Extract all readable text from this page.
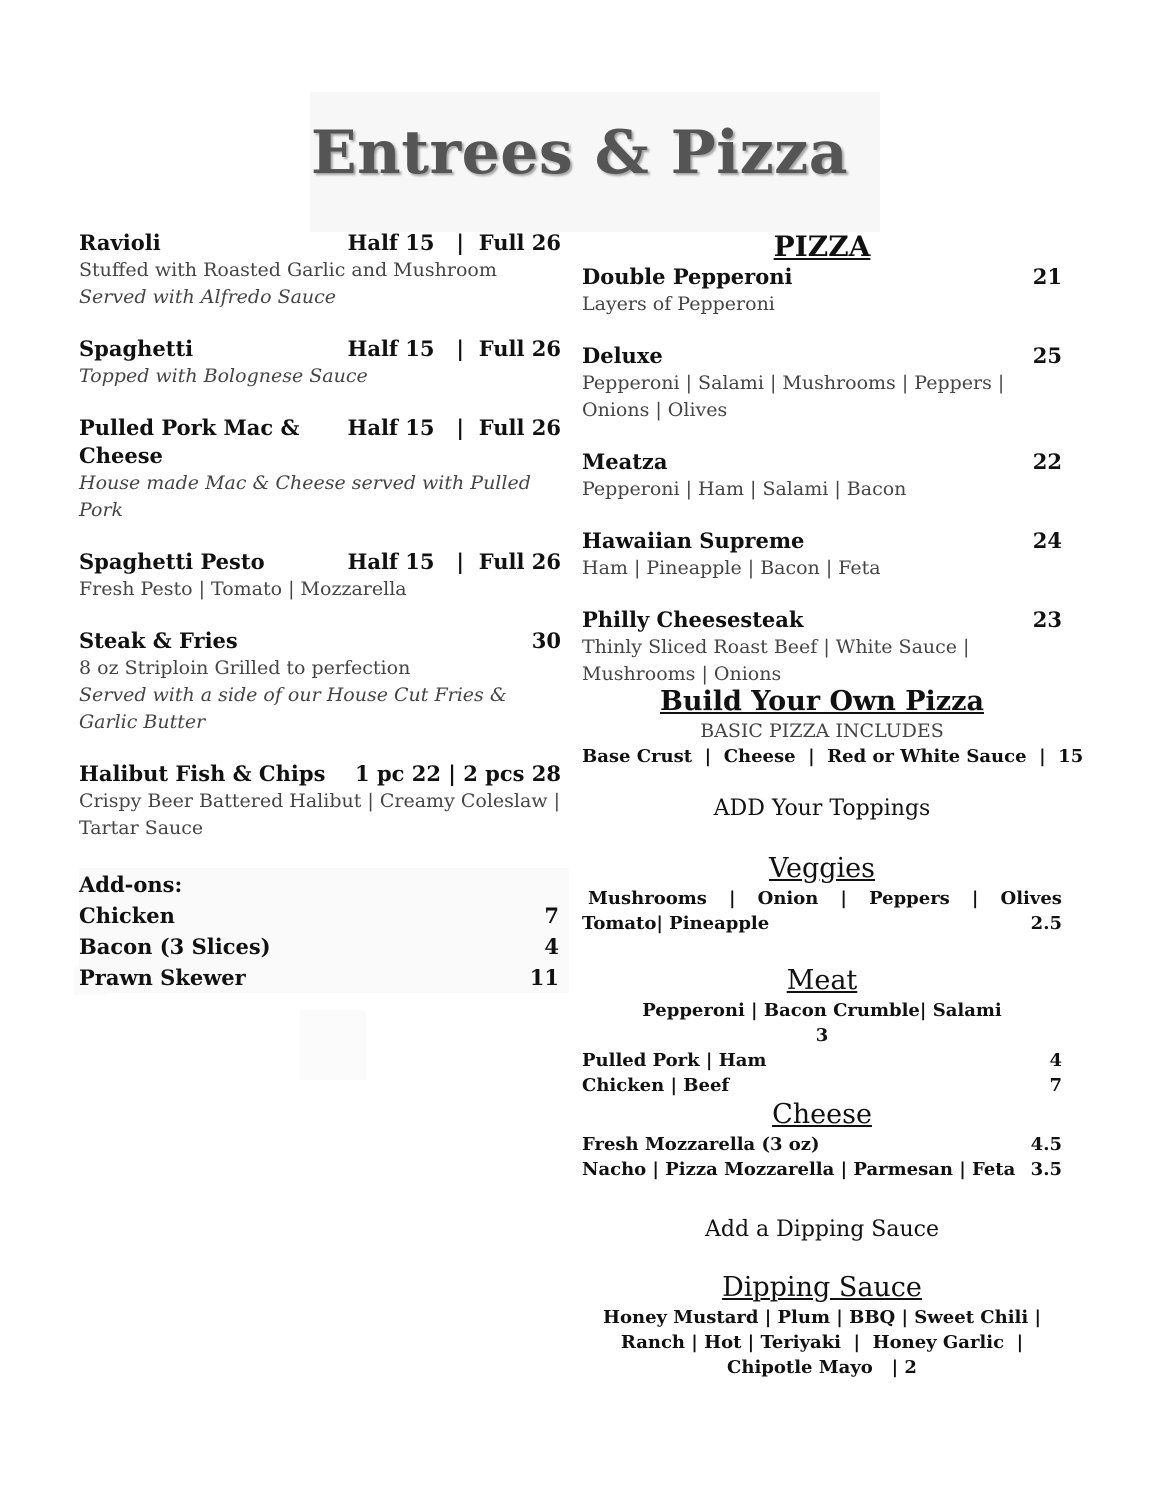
Entrees & Pizza
Ravioli	Half 15   |  Full 26
Stuffed with Roasted Garlic and Mushroom
Served with Alfredo Sauce
Spaghetti	Half 15   |  Full 26
Topped with Bolognese Sauce
Pulled Pork Mac & Cheese
Half 15   |  Full 26
House made Mac & Cheese served with Pulled Pork
Spaghetti Pesto	Half 15   |  Full 26
Fresh Pesto | Tomato | Mozzarella
Steak & Fries	30
8 oz Striploin Grilled to perfection
Served with a side of our House Cut Fries & Garlic Butter
Halibut Fish & Chips 1 pc 22 | 2 pcs 28
Crispy Beer Battered Halibut | Creamy Coleslaw | Tartar Sauce
Add-ons:
Chicken	7
Bacon (3 Slices)	4
Prawn Skewer	11
PIZZA
Double Pepperoni	21
Layers of Pepperoni
Deluxe	25
Pepperoni | Salami | Mushrooms | Peppers | Onions | Olives
Meatza	22
Pepperoni | Ham | Salami | Bacon
Hawaiian Supreme	24
Ham | Pineapple | Bacon | Feta
Philly Cheesesteak	23
Thinly Sliced Roast Beef | White Sauce | Mushrooms | Onions
Build Your Own Pizza
BASIC PIZZA INCLUDES
Base Crust  |  Cheese  |  Red or White Sauce  |  15
ADD Your Toppings
Veggies
Mushrooms | Onion | Peppers | Olives
Tomato| Pineapple	2.5
Meat
Pepperoni | Bacon Crumble| Salami
3
Pulled Pork | Ham	4
Chicken | Beef	7
Cheese
Fresh Mozzarella (3 oz)	4.5
Nacho | Pizza Mozzarella | Parmesan | Feta 3.5
Add a Dipping Sauce
Dipping Sauce
Honey Mustard | Plum | BBQ | Sweet Chili |
Ranch | Hot | Teriyaki  |  Honey Garlic  |
Chipotle Mayo   | 2
